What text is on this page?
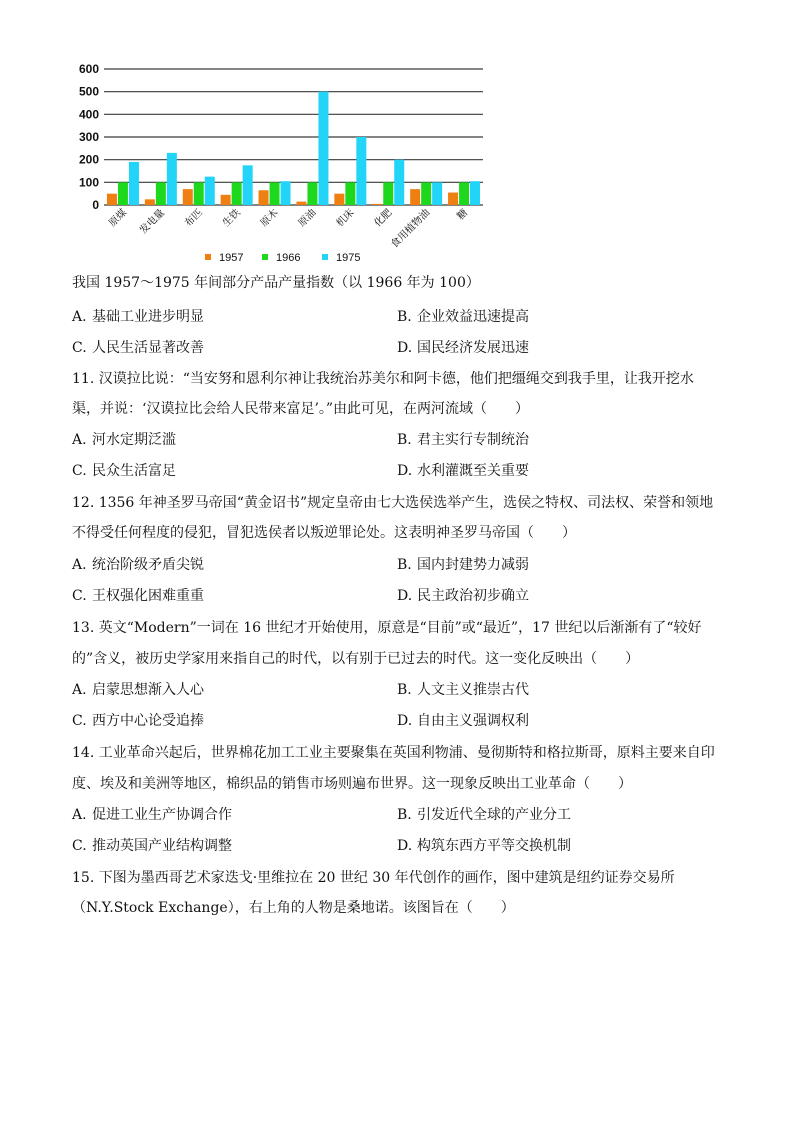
0
100
200
300
400
500
600
原煤 发电量 布匹 生铁 原木 原油 机床 化肥
食用植物油 糖
1957	1966	1975
我国 1957～1975 年间部分产品产量指数（以 1966 年为 100）
A. 基础工业进步明显	B. 企业效益迅速提高
C. 人民生活显著改善	D. 国民经济发展迅速
11. 汉谟拉比说：“当安努和恩利尔神让我统治苏美尔和阿卡德，他们把缰绳交到我手里，让我开挖水
渠，并说：‘汉谟拉比会给人民带来富足’。”由此可见，在两河流域（　　）
A. 河水定期泛滥	B. 君主实行专制统治
C. 民众生活富足	D. 水利灌溉至关重要
12. 1356 年神圣罗马帝国“黄金诏书”规定皇帝由七大选侯选举产生，选侯之特权、司法权、荣誉和领地
不得受任何程度的侵犯，冒犯选侯者以叛逆罪论处。这表明神圣罗马帝国（　　）
A. 统治阶级矛盾尖锐	B. 国内封建势力减弱
C. 王权强化困难重重	D. 民主政治初步确立
13. 英文“Modern”一词在 16 世纪才开始使用，原意是“目前”或“最近”，17 世纪以后渐渐有了“较好
的”含义，被历史学家用来指自己的时代，以有别于已过去的时代。这一变化反映出（　　）
A. 启蒙思想渐入人心	B. 人文主义推崇古代
C. 西方中心论受追捧	D. 自由主义强调权利
14. 工业革命兴起后，世界棉花加工工业主要聚集在英国利物浦、曼彻斯特和格拉斯哥，原料主要来自印
度、埃及和美洲等地区，棉织品的销售市场则遍布世界。这一现象反映出工业革命（　　）
A. 促进工业生产协调合作	B. 引发近代全球的产业分工
C. 推动英国产业结构调整	D. 构筑东西方平等交换机制
15. 下图为墨西哥艺术家迭戈·里维拉在 20 世纪 30 年代创作的画作，图中建筑是纽约证券交易所
（N.Y.Stock Exchange），右上角的人物是桑地诺。该图旨在（　　）
